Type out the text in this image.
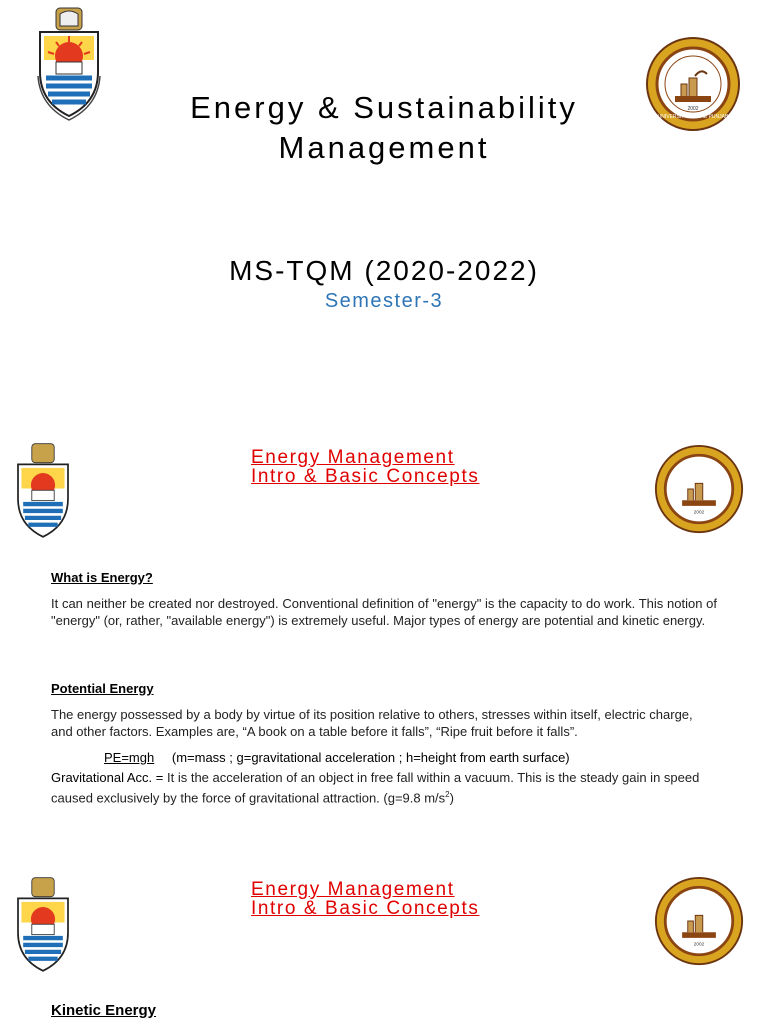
UNIVERSITY OF THE PUNJAB
2002
Energy & Sustainability
Management
MS-TQM (2020-2022)
Semester-3
2002
Energy Management
Intro & Basic Concepts
What is Energy?
It can neither be created nor destroyed. Conventional definition of "energy" is the capacity to do work. This notion of "energy" (or, rather, "available energy") is extremely useful. Major types of energy are potential and kinetic energy.
Potential Energy
The energy possessed by a body by virtue of its position relative to others, stresses within itself, electric charge, and other factors. Examples are, “A book on a table before it falls”, “Ripe fruit before it falls”.
PE=mgh (m=mass ; g=gravitational acceleration ; h=height from earth surface)
Gravitational Acc. = It is the acceleration of an object in free fall within a vacuum. This is the steady gain in speed caused exclusively by the force of gravitational attraction. (g=9.8 $m/s^2$)
2002
Energy Management
Intro & Basic Concepts
Kinetic Energy
